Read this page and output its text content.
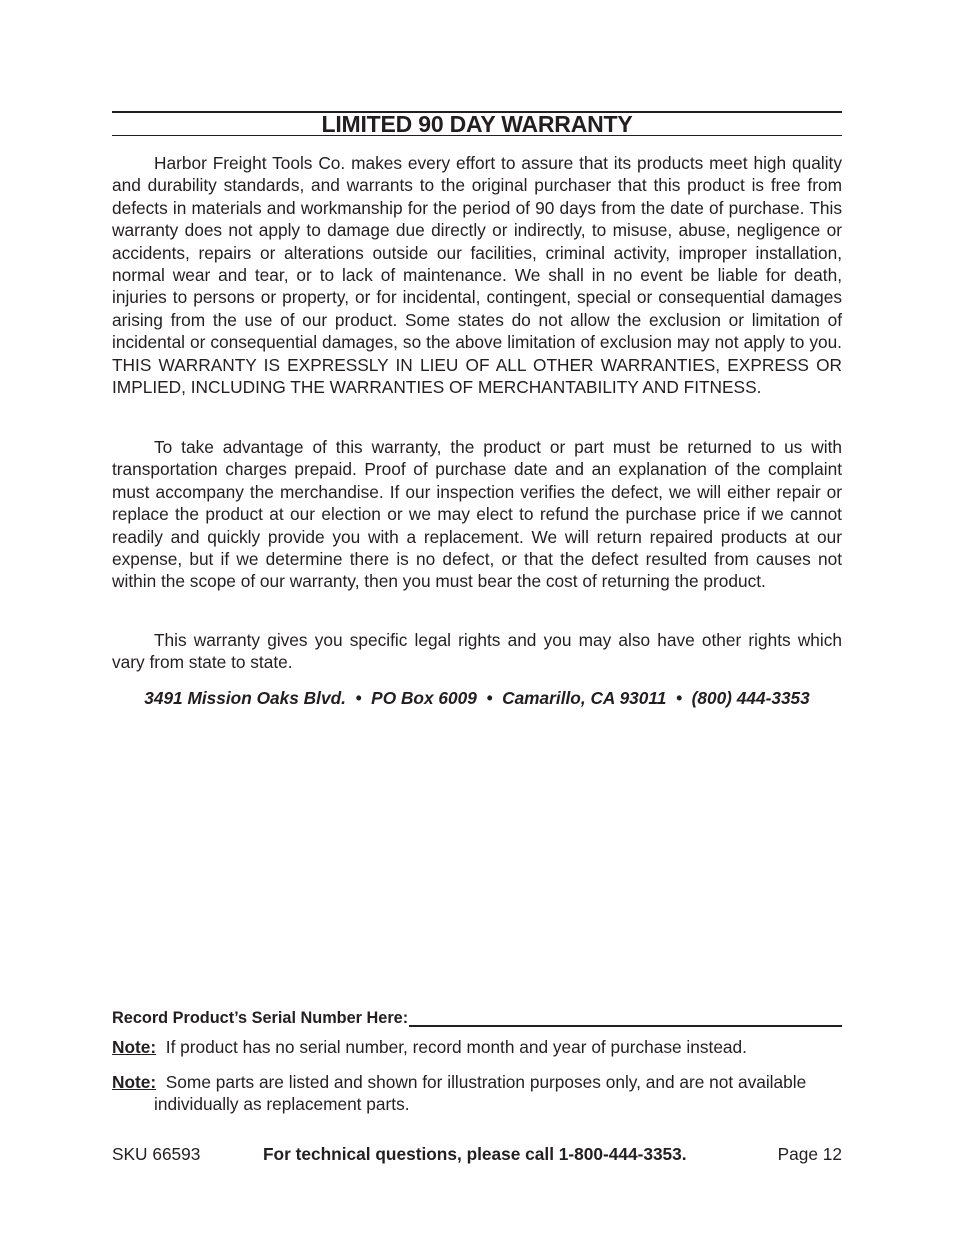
LIMITED 90 DAY WARRANTY

Harbor Freight Tools Co. makes every effort to assure that its products meet high quality and durability standards, and warrants to the original purchaser that this product is free from defects in materials and workmanship for the period of 90 days from the date of purchase. This warranty does not apply to damage due directly or indirectly, to misuse, abuse, negligence or accidents, repairs or alterations outside our facilities, criminal activity, improper installation, normal wear and tear, or to lack of maintenance. We shall in no event be liable for death, injuries to persons or property, or for incidental, contingent, special or consequential damages arising from the use of our product. Some states do not allow the exclusion or limitation of incidental or consequential damages, so the above limitation of exclusion may not apply to you. THIS WARRANTY IS EXPRESSLY IN LIEU OF ALL OTHER WARRANTIES, EXPRESS OR IMPLIED, INCLUDING THE WARRANTIES OF MERCHANTABILITY AND FITNESS.

To take advantage of this warranty, the product or part must be returned to us with transportation charges prepaid. Proof of purchase date and an explanation of the complaint must accompany the merchandise. If our inspection verifies the defect, we will either repair or replace the product at our election or we may elect to refund the purchase price if we cannot readily and quickly provide you with a replacement. We will return repaired products at our expense, but if we determine there is no defect, or that the defect resulted from causes not within the scope of our warranty, then you must bear the cost of returning the product.

This warranty gives you specific legal rights and you may also have other rights which vary from state to state.

3491 Mission Oaks Blvd.  •  PO Box 6009  •  Camarillo, CA 93011  •  (800) 444-3353
Record Product’s Serial Number Here:

Note: If product has no serial number, record month and year of purchase instead.

Note: Some parts are listed and shown for illustration purposes only, and are not available individually as replacement parts.

SKU 66593	For technical questions, please call 1-800-444-3353.	Page 12
